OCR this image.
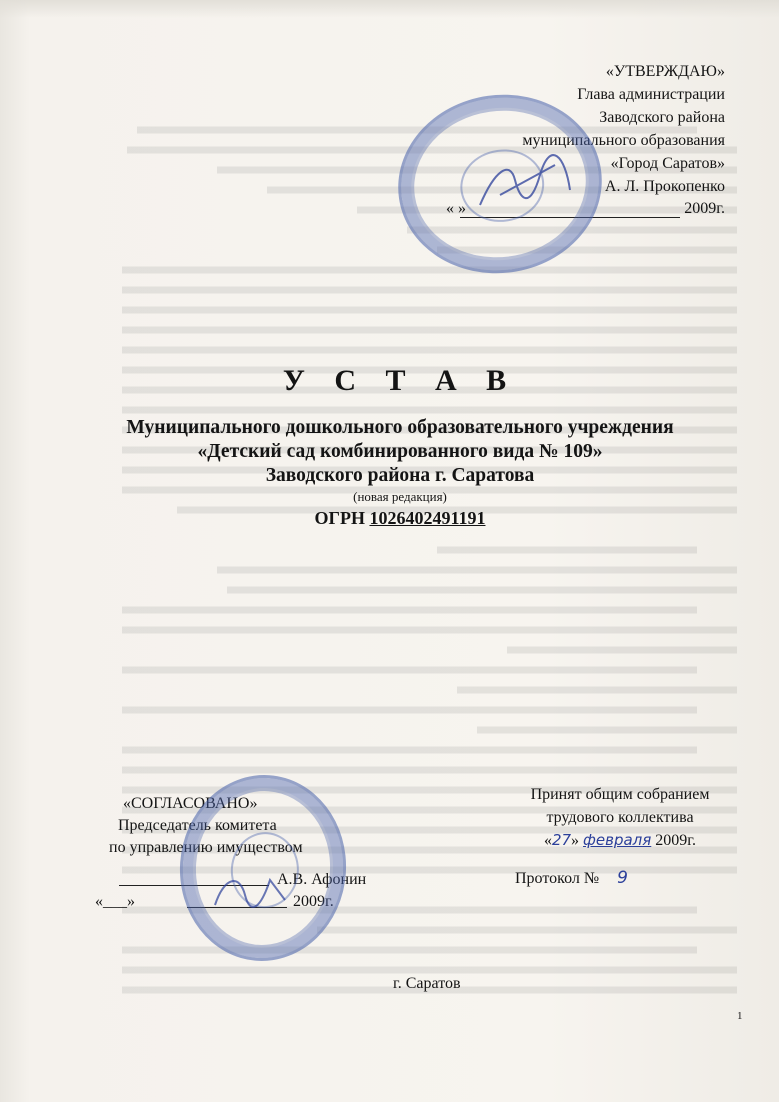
«УТВЕРЖДАЮ»
Глава администрации
Заводского района
муниципального образования
«Город Саратов»
А. Л. Прокопенко
« »	2009г.
У С Т А В
Муниципального дошкольного образовательного учреждения
«Детский сад комбинированного вида № 109»
Заводского района г. Саратова
(новая редакция)
ОГРН 1026402491191
«СОГЛАСОВАНО»
Председатель комитета
по управлению имуществом
А.В. Афонин
«___»	2009г.
Принят общим собранием
трудового коллектива
«27» февраля 2009г.
Протокол № 9
г. Саратов
1
